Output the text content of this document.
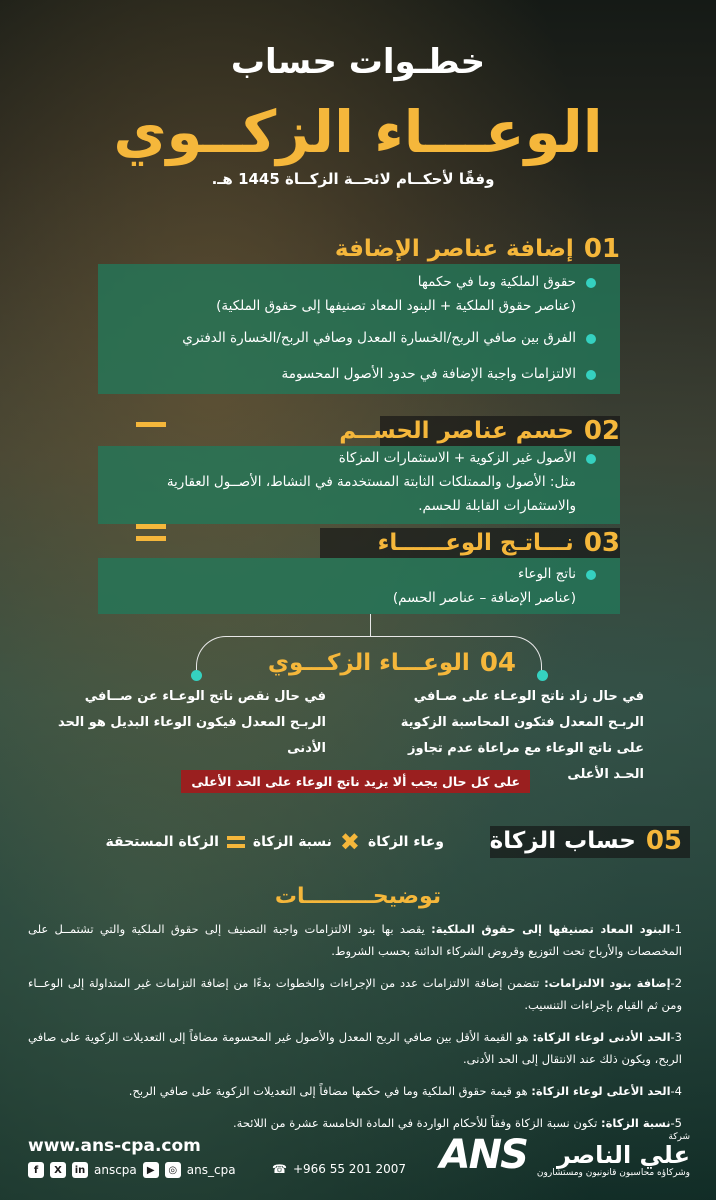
خطـوات حساب
الوعـــاء الزكــوي
وفقًا لأحكــام لائحــة الزكــاة 1445 هـ.
01
إضافة عناصر الإضافة
حقوق الملكية وما في حكمها
(عناصر حقوق الملكية + البنود المعاد تصنيفها إلى حقوق الملكية)
الفرق بين صافي الربح/الخسارة المعدل وصافي الربح/الخسارة الدفتري
الالتزامات واجبة الإضافة في حدود الأصول المحسومة
02
حسم عناصر الحســم
الأصول غير الزكوية + الاستثمارات المزكاة
مثل: الأصول والممتلكات الثابتة المستخدمة في النشاط، الأصــول العقارية والاستثمارات القابلة للحسم.
03
نـــاتـج الوعــــــاء
ناتج الوعاء
(عناصر الإضافة – عناصر الحسم)
04
الوعـــاء الزكـــوي
في حال زاد ناتج الوعـاء على صـافي الربـح المعدل فتكون المحاسبة الزكوية على ناتج الوعاء مع مراعاة عدم تجاوز الحـد الأعلى
في حال نقص ناتج الوعـاء عن صــافي الربـح المعدل فيكون الوعاء البديل هو الحد الأدنى
على كل حال يجب ألا يزيد ناتج الوعاء على الحد الأعلى
05
حساب الزكاة
وعاء الزكاة
✖
نسبة الزكاة
الزكاة المستحقة
توضيحـــــــــات
1-البنود المعاد تصنيفها إلى حقوق الملكية: يقصد بها بنود الالتزامات واجبة التصنيف إلى حقوق الملكية والتي تشتمــل على المخصصات والأرباح تحت التوزيع وقروض الشركاء الدائنة بحسب الشروط.
2-إضافة بنود الالتزامات: تتضمن إضافة الالتزامات عدد من الإجراءات والخطوات بدءًا من إضافة التزامات غير المتداولة إلى الوعــاء ومن ثم القيام بإجراءات التنسيب.
3-الحد الأدنى لوعاء الزكاة: هو القيمة الأقل بين صافي الربح المعدل والأصول غير المحسومة مضافاً إلى التعديلات الزكوية على صافي الربح، ويكون ذلك عند الانتقال إلى الحد الأدنى.
4-الحد الأعلى لوعاء الزكاة: هو قيمة حقوق الملكية وما في حكمها مضافاً إلى التعديلات الزكوية على صافي الربح.
5-نسبة الزكاة: تكون نسبة الزكاة وفقاً للأحكام الواردة في المادة الخامسة عشرة من اللائحة.
www.ans-cpa.com
f	X	in anscpa	▶	◎ ans_cpa	☎ +966 55 201 2007 ANS	شركة
علي الناصر
وشركاؤه محاسبون قانونيون ومستشارون
